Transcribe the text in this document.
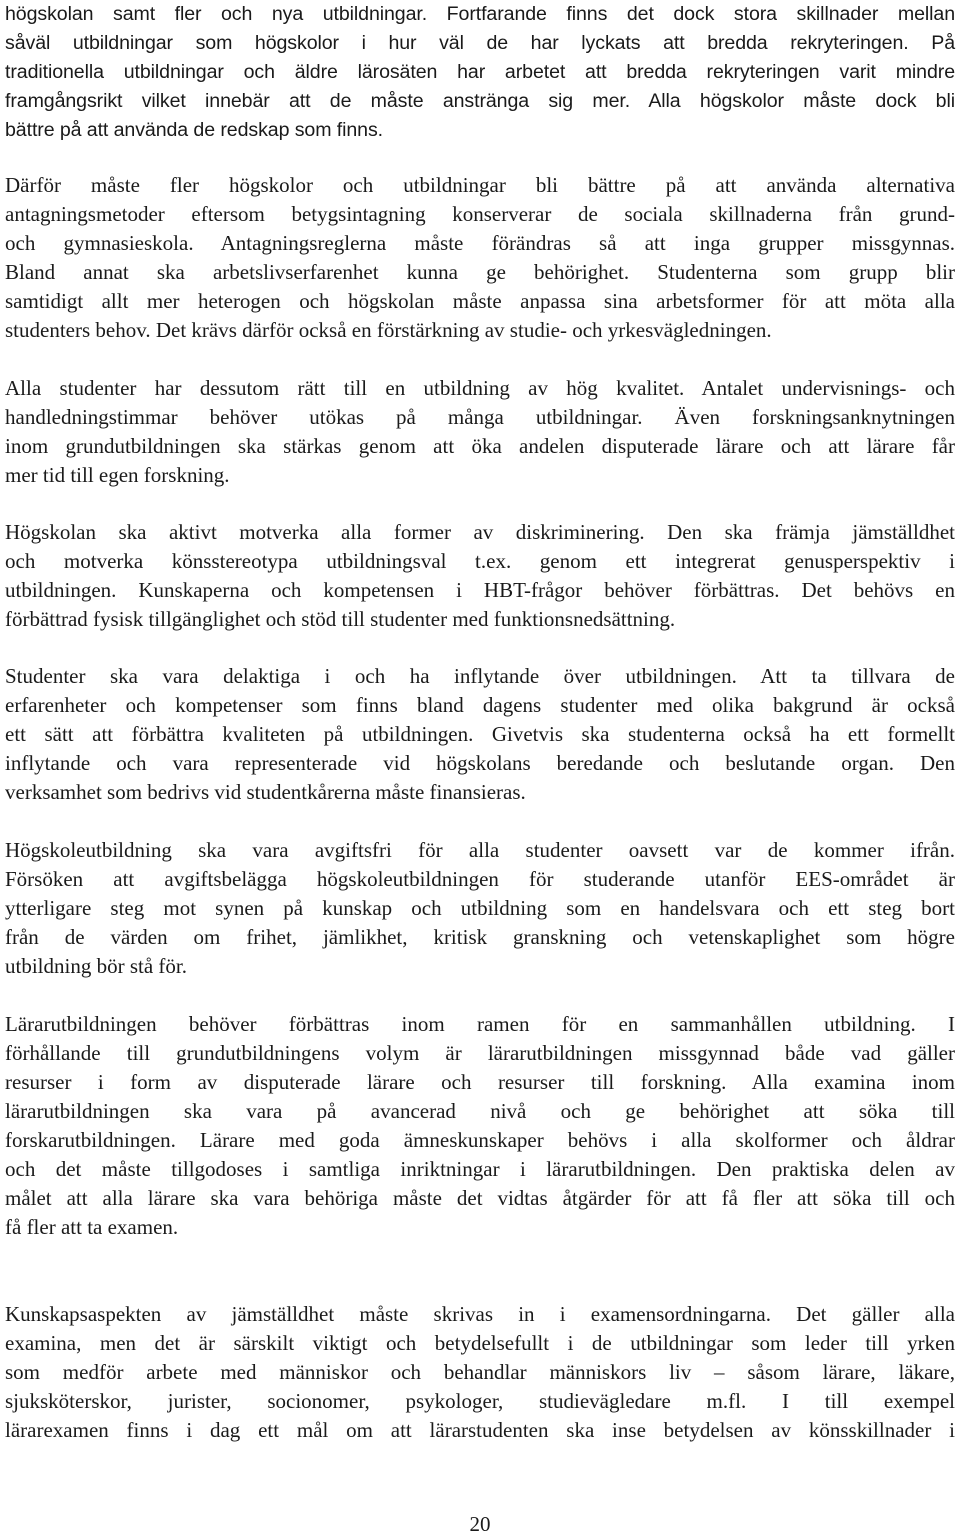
högskolan samt fler och nya utbildningar. Fortfarande finns det dock stora skillnader mellan
såväl utbildningar som högskolor i hur väl de har lyckats att bredda rekryteringen. På
traditionella utbildningar och äldre lärosäten har arbetet att bredda rekryteringen varit mindre
framgångsrikt vilket innebär att de måste anstränga sig mer. Alla högskolor måste dock bli
bättre på att använda de redskap som finns.

Därför måste fler högskolor och utbildningar bli bättre på att använda alternativa
antagningsmetoder eftersom betygsintagning konserverar de sociala skillnaderna från grund-
och gymnasieskola. Antagningsreglerna måste förändras så att inga grupper missgynnas.
Bland annat ska arbetslivserfarenhet kunna ge behörighet. Studenterna som grupp blir
samtidigt allt mer heterogen och högskolan måste anpassa sina arbetsformer för att möta alla
studenters behov. Det krävs därför också en förstärkning av studie- och yrkesvägledningen.

Alla studenter har dessutom rätt till en utbildning av hög kvalitet. Antalet undervisnings- och
handledningstimmar behöver utökas på många utbildningar. Även forskningsanknytningen
inom grundutbildningen ska stärkas genom att öka andelen disputerade lärare och att lärare får
mer tid till egen forskning.

Högskolan ska aktivt motverka alla former av diskriminering. Den ska främja jämställdhet
och motverka könsstereotypa utbildningsval t.ex. genom ett integrerat genusperspektiv i
utbildningen. Kunskaperna och kompetensen i HBT-frågor behöver förbättras. Det behövs en
förbättrad fysisk tillgänglighet och stöd till studenter med funktionsnedsättning.

Studenter ska vara delaktiga i och ha inflytande över utbildningen. Att ta tillvara de
erfarenheter och kompetenser som finns bland dagens studenter med olika bakgrund är också
ett sätt att förbättra kvaliteten på utbildningen. Givetvis ska studenterna också ha ett formellt
inflytande och vara representerade vid högskolans beredande och beslutande organ. Den
verksamhet som bedrivs vid studentkårerna måste finansieras.

Högskoleutbildning ska vara avgiftsfri för alla studenter oavsett var de kommer ifrån.
Försöken att avgiftsbelägga högskoleutbildningen för studerande utanför EES-området är
ytterligare steg mot synen på kunskap och utbildning som en handelsvara och ett steg bort
från de värden om frihet, jämlikhet, kritisk granskning och vetenskaplighet som högre
utbildning bör stå för.

Lärarutbildningen behöver förbättras inom ramen för en sammanhållen utbildning. I
förhållande till grundutbildningens volym är lärarutbildningen missgynnad både vad gäller
resurser i form av disputerade lärare och resurser till forskning. Alla examina inom
lärarutbildningen ska vara på avancerad nivå och ge behörighet att söka till
forskarutbildningen. Lärare med goda ämneskunskaper behövs i alla skolformer och åldrar
och det måste tillgodoses i samtliga inriktningar i lärarutbildningen. Den praktiska delen av
målet att alla lärare ska vara behöriga måste det vidtas åtgärder för att få fler att söka till och
få fler att ta examen.

Kunskapsaspekten av jämställdhet måste skrivas in i examensordningarna. Det gäller alla
examina, men det är särskilt viktigt och betydelsefullt i de utbildningar som leder till yrken
som medför arbete med människor och behandlar människors liv – såsom lärare, läkare,
sjuksköterskor, jurister, socionomer, psykologer, studievägledare m.fl. I till exempel
lärarexamen finns i dag ett mål om att lärarstudenten ska inse betydelsen av könsskillnader i

20
